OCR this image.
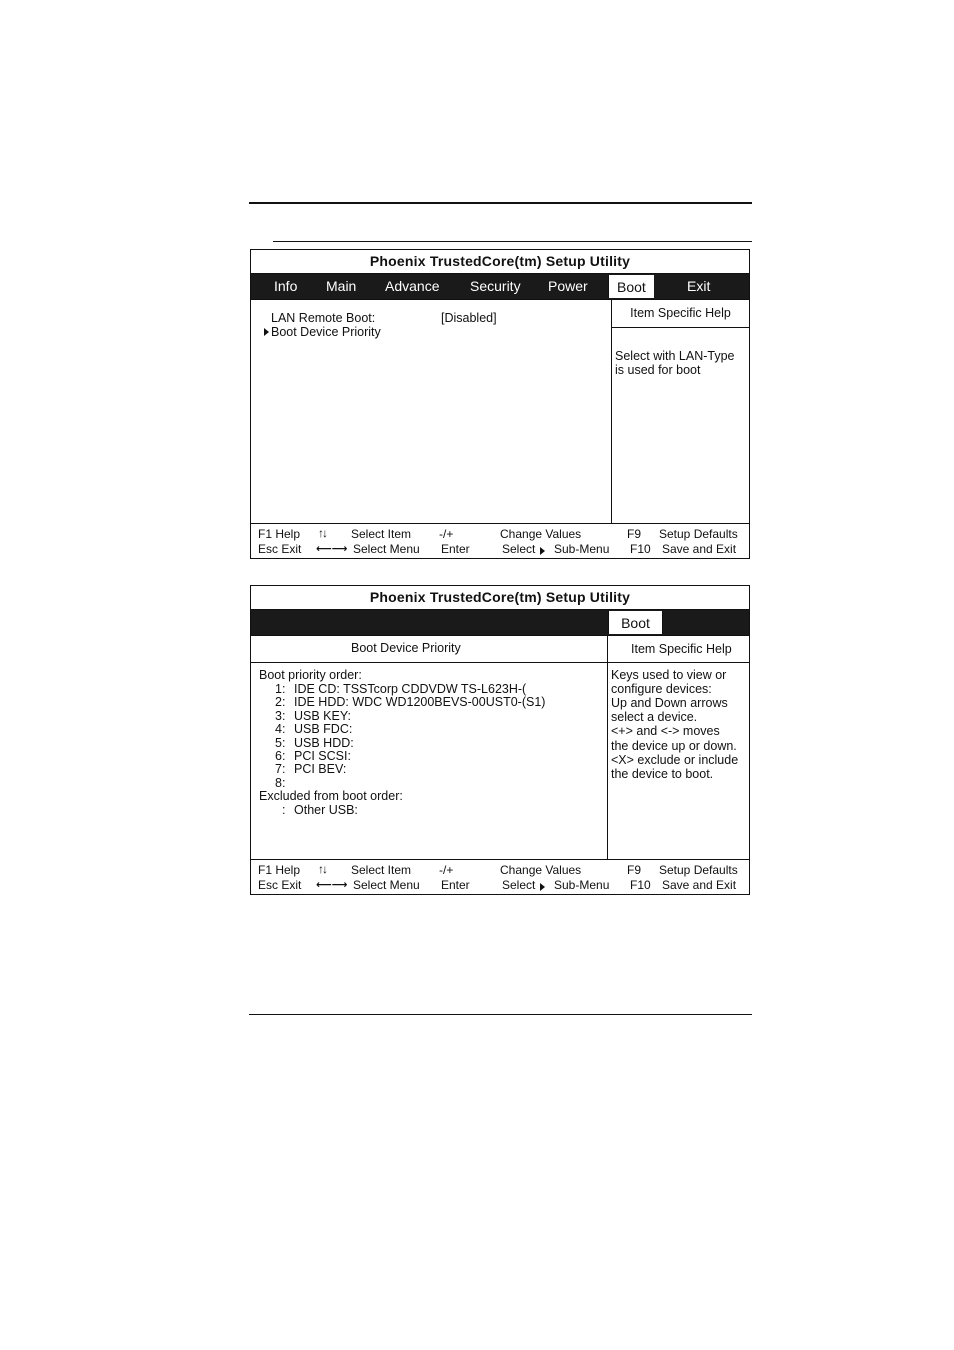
Phoenix TrustedCore(tm) Setup Utility
Info Main Advance Security Power	Boot	Exit
LAN Remote Boot:	[Disabled]
Boot Device Priority
Item Specific Help
Select with LAN-Type
is used for boot
F1 Help ↑↓ Select Item -/+	Change Values	F9 Setup Defaults
Esc Exit ⟵⟶ Select Menu Enter	Select Sub-Menu F10 Save and Exit
Phoenix TrustedCore(tm) Setup Utility
Boot
Boot Device Priority
Boot priority order:
1: IDE CD: TSSTcorp CDDVDW TS-L623H-(
2: IDE HDD: WDC WD1200BEVS-00UST0-(S1)
3: USB KEY:
4: USB FDC:
5: USB HDD:
6: PCI SCSI:
7: PCI BEV:
8:
Excluded from boot order:
: Other USB:
Item Specific Help
Keys used to view or
configure devices:
Up and Down arrows
select a device.
<+> and <-> moves
the device up or down.
<X> exclude or include
the device to boot.
F1 Help ↑↓ Select Item -/+	Change Values	F9 Setup Defaults
Esc Exit ⟵⟶ Select Menu Enter	Select Sub-Menu F10 Save and Exit
